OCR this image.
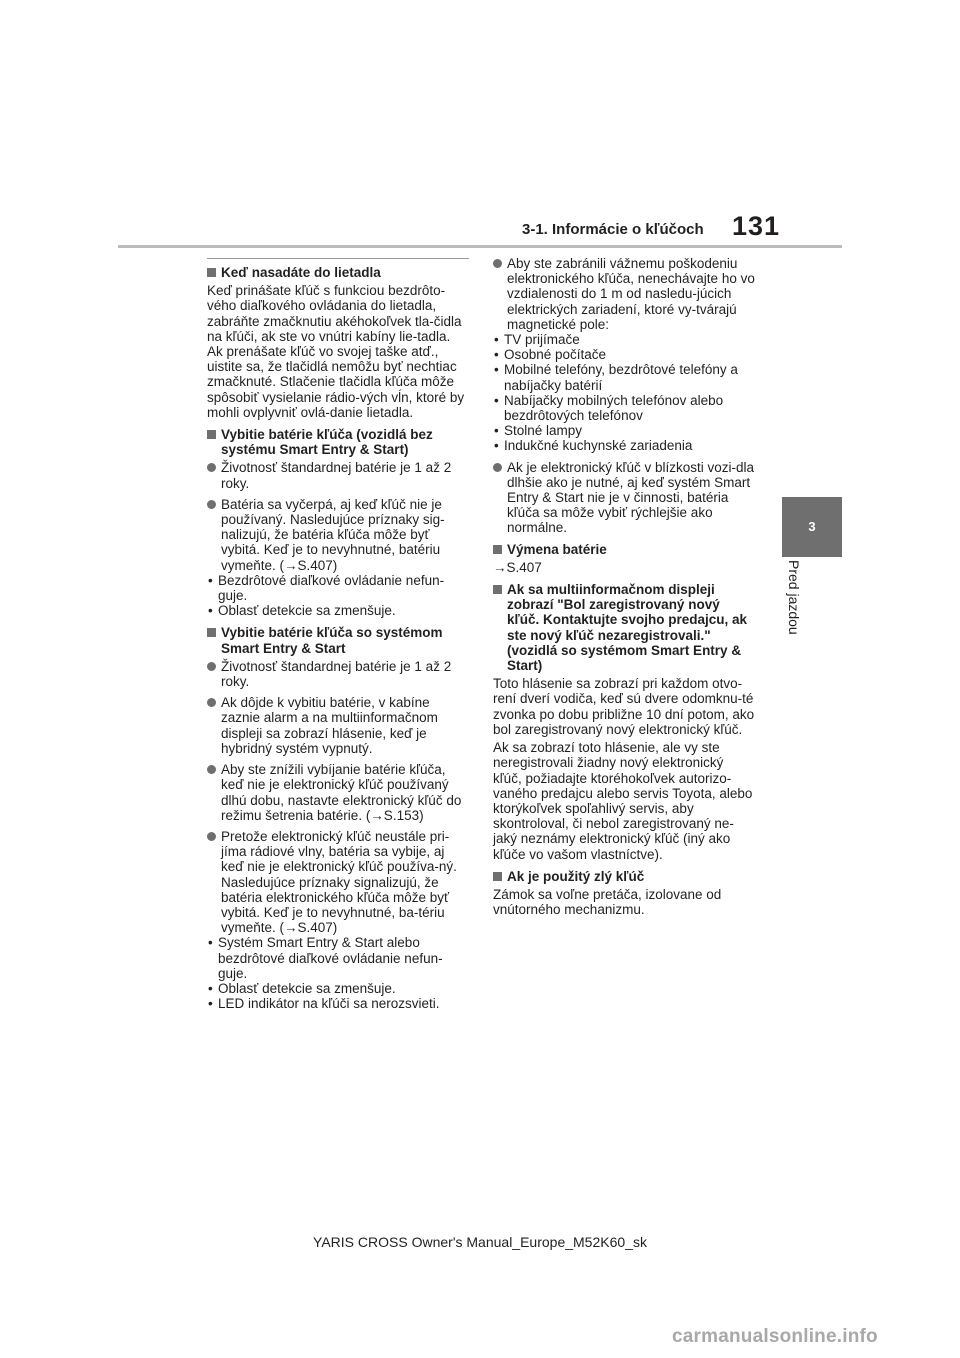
3-1. Informácie o kľúčoch 131
3
Pred jazdou
Keď nasadáte do lietadla
Keď prinášate kľúč s funkciou bezdrôto-vého diaľkového ovládania do lietadla, zabráňte zmačknutiu akéhokoľvek tla-čidla na kľúči, ak ste vo vnútri kabíny lie-tadla. Ak prenášate kľúč vo svojej taške atď., uistite sa, že tlačidlá nemôžu byť nechtiac zmačknuté. Stlačenie tlačidla kľúča môže spôsobiť vysielanie rádio-vých vĺn, ktoré by mohli ovplyvniť ovlá-danie lietadla.
Vybitie batérie kľúča (vozidlá bez systému Smart Entry & Start)
Životnosť štandardnej batérie je 1 až 2 roky.
Batéria sa vyčerpá, aj keď kľúč nie je používaný. Nasledujúce príznaky sig-nalizujú, že batéria kľúča môže byť vybitá. Keď je to nevyhnutné, batériu vymeňte. (→S.407)
• Bezdrôtové diaľkové ovládanie nefun-guje.
• Oblasť detekcie sa zmenšuje.
Vybitie batérie kľúča so systémom Smart Entry & Start
Životnosť štandardnej batérie je 1 až 2 roky.
Ak dôjde k vybitiu batérie, v kabíne zaznie alarm a na multiinformačnom displeji sa zobrazí hlásenie, keď je hybridný systém vypnutý.
Aby ste znížili vybíjanie batérie kľúča, keď nie je elektronický kľúč používaný dlhú dobu, nastavte elektronický kľúč do režimu šetrenia batérie. (→S.153)
Pretože elektronický kľúč neustále pri-jíma rádiové vlny, batéria sa vybije, aj keď nie je elektronický kľúč používa-ný. Nasledujúce príznaky signalizujú, že batéria elektronického kľúča môže byť vybitá. Keď je to nevyhnutné, ba-tériu vymeňte. (→S.407)
• Systém Smart Entry & Start alebo bezdrôtové diaľkové ovládanie nefun-guje.
• Oblasť detekcie sa zmenšuje.
• LED indikátor na kľúči sa nerozsvieti.
Aby ste zabránili vážnemu poškodeniu elektronického kľúča, nenechávajte ho vo vzdialenosti do 1 m od nasledu-júcich elektrických zariadení, ktoré vy-tvárajú magnetické pole:
• TV prijímače
• Osobné počítače
• Mobilné telefóny, bezdrôtové telefóny a nabíjačky batérií
• Nabíjačky mobilných telefónov alebo bezdrôtových telefónov
• Stolné lampy
• Indukčné kuchynské zariadenia
Ak je elektronický kľúč v blízkosti vozi-dla dlhšie ako je nutné, aj keď systém Smart Entry & Start nie je v činnosti, batéria kľúča sa môže vybiť rýchlejšie ako normálne.
Výmena batérie
→S.407
Ak sa multiinformačnom displeji zobrazí "Bol zaregistrovaný nový kľúč. Kontaktujte svojho predajcu, ak ste nový kľúč nezaregistrovali." (vozidlá so systémom Smart Entry & Start)
Toto hlásenie sa zobrazí pri každom otvo-rení dverí vodiča, keď sú dvere odomknu-té zvonka po dobu približne 10 dní potom, ako bol zaregistrovaný nový elektronický kľúč.
Ak sa zobrazí toto hlásenie, ale vy ste neregistrovali žiadny nový elektronický kľúč, požiadajte ktoréhokoľvek autorizo-vaného predajcu alebo servis Toyota, alebo ktorýkoľvek spoľahlivý servis, aby skontroloval, či nebol zaregistrovaný ne-jaký neznámy elektronický kľúč (iný ako kľúče vo vašom vlastníctve).
Ak je použitý zlý kľúč
Zámok sa voľne pretáča, izolovane od vnútorného mechanizmu.
YARIS CROSS Owner's Manual_Europe_M52K60_sk
carmanualsonline.info
